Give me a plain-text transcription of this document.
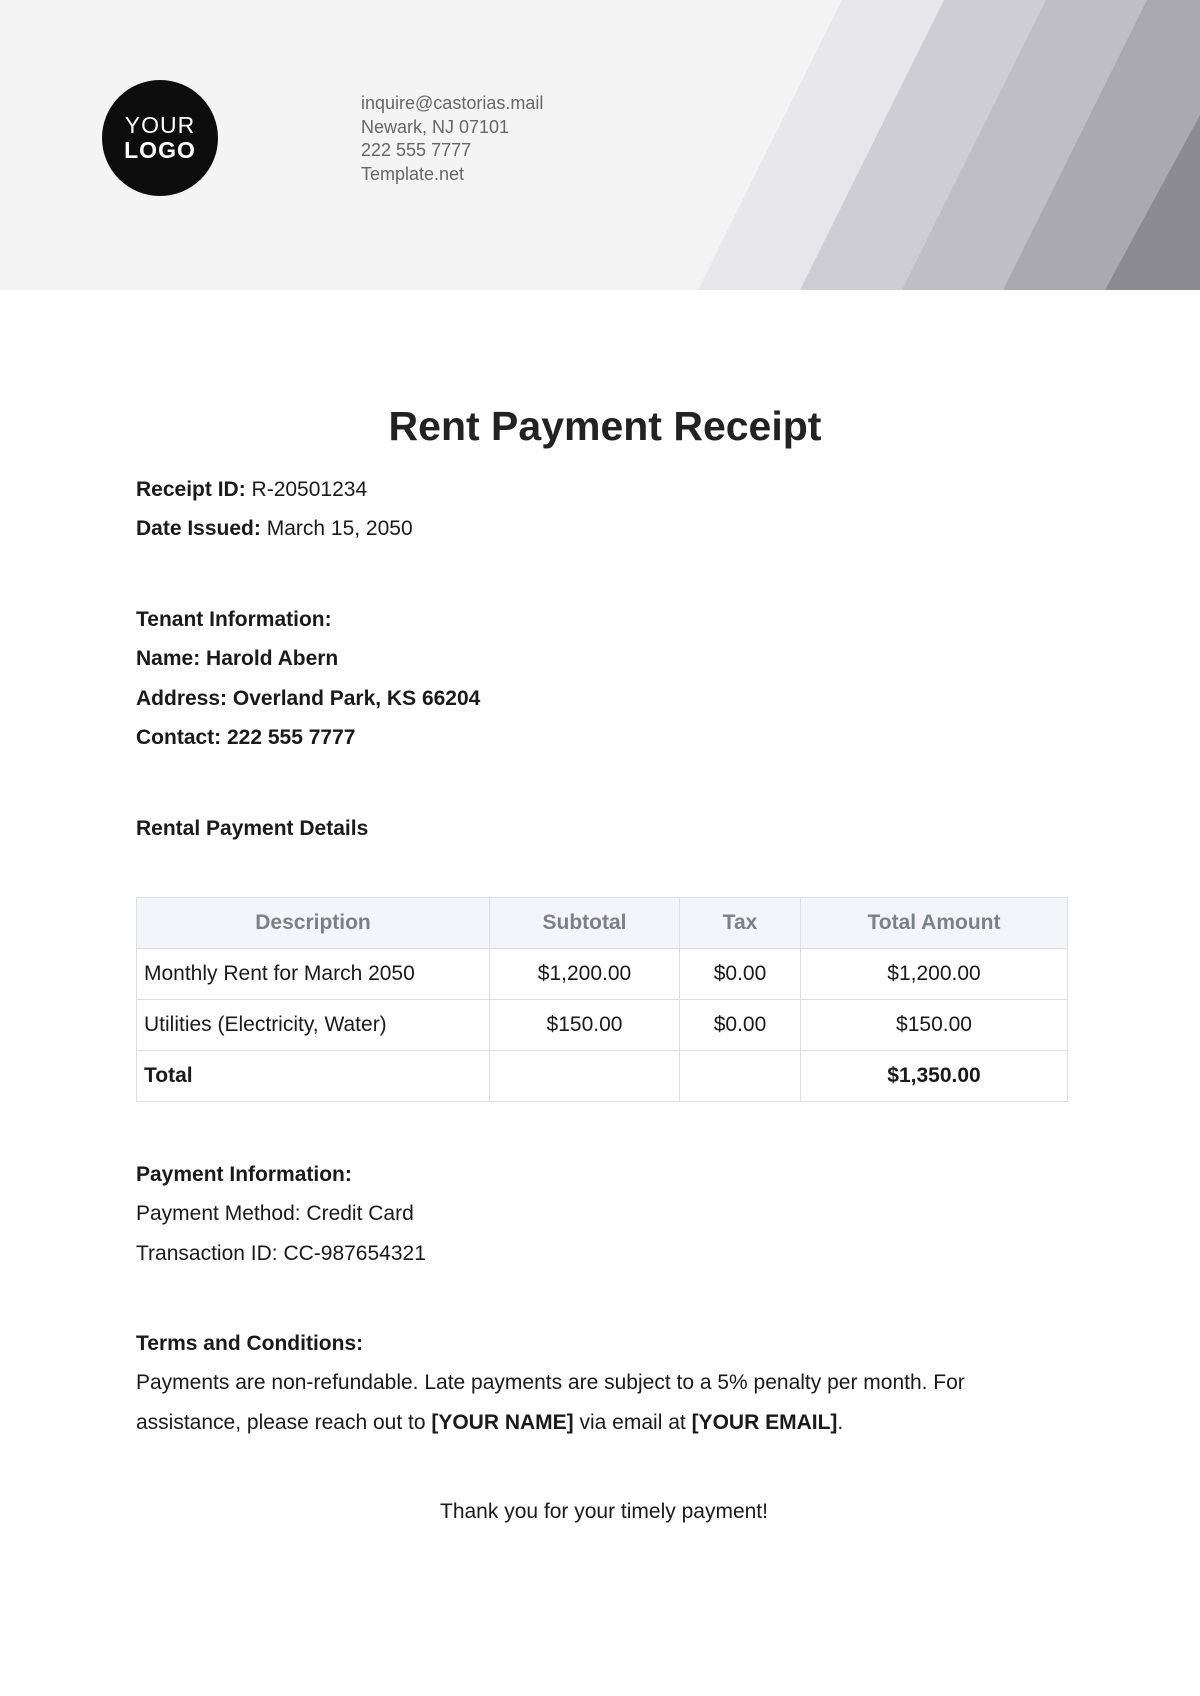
YOUR
LOGO
inquire@castorias.mail
Newark, NJ 07101
222 555 7777
Template.net
Rent Payment Receipt
Receipt ID: R-20501234
Date Issued: March 15, 2050
Tenant Information:
Name: Harold Abern
Address: Overland Park, KS 66204
Contact: 222 555 7777
Rental Payment Details
Description	Subtotal	Tax	Total Amount
Monthly Rent for March 2050	$1,200.00	$0.00	$1,200.00
Utilities (Electricity, Water)	$150.00	$0.00	$150.00
Total			$1,350.00
Payment Information:
Payment Method: Credit Card
Transaction ID: CC-987654321
Terms and Conditions:
Payments are non-refundable. Late payments are subject to a 5% penalty per month. For
assistance, please reach out to [YOUR NAME] via email at [YOUR EMAIL].
Thank you for your timely payment!
